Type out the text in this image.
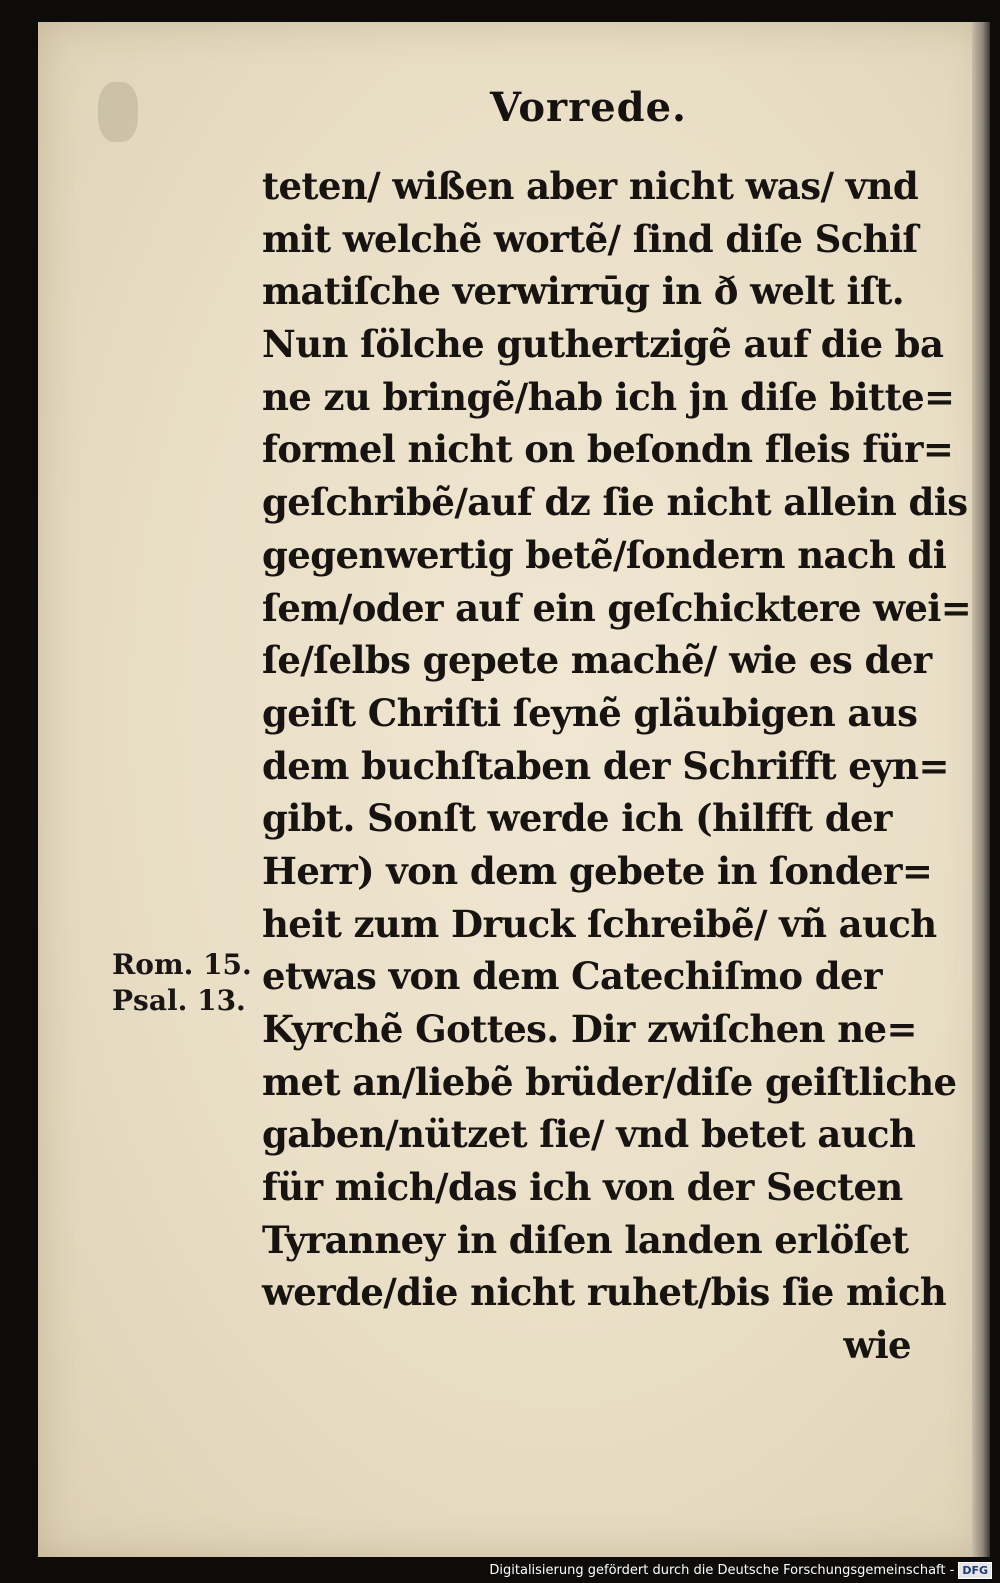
Vorrede.
teten/ wißen aber nicht was/ vnd
mit welchẽ wortẽ/ ſind diſe Schiſ
matiſche verwirrūg in ð welt iſt.
Nun ſölche guthertzigẽ auf die ba
ne zu bringẽ/hab ich jn diſe bitte=
formel nicht on beſondn fleis für=
geſchribẽ/auf dz ſie nicht allein dis
gegenwertig betẽ/ſondern nach di
ſem/oder auf ein geſchicktere wei=
ſe/ſelbs gepete machẽ/ wie es der
geiſt Chriſti ſeynẽ gläubigen aus
dem buchſtaben der Schrifft eyn=
gibt. Sonſt werde ich (hilfft der
Herr) von dem gebete in ſonder=
heit zum Druck ſchreibẽ/ vñ auch
etwas von dem Catechiſmo der
Kyrchẽ Gottes. Dir zwiſchen ne=
met an/liebẽ brüder/diſe geiſtliche
gaben/nützet ſie/ vnd betet auch
für mich/das ich von der Secten
Tyranney in diſen landen erlöſet
werde/die nicht ruhet/bis ſie mich
wie
Rom. 15.
Psal. 13.
Digitalisierung gefördert durch die Deutsche Forschungsgemeinschaft - DFG
